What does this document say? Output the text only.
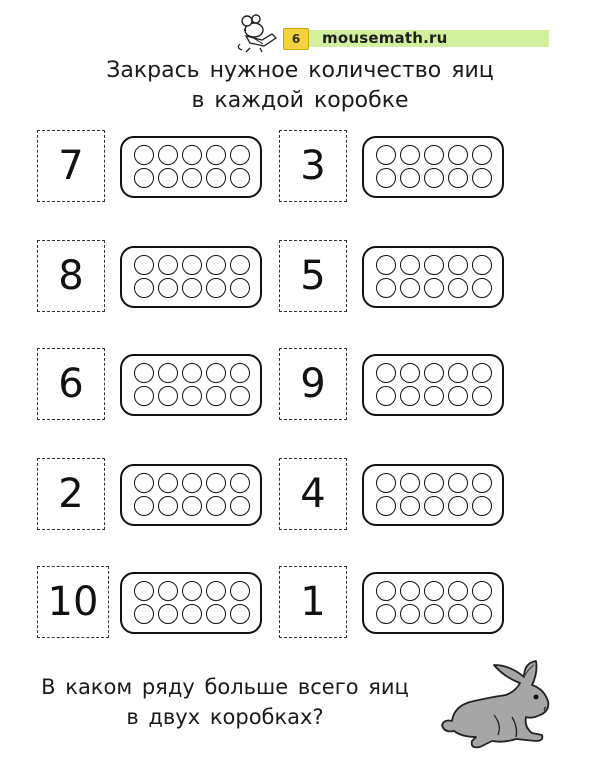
6	mousemath.ru
Закрась нужное количество яиц
в каждой коробке
7	3
8	5
6	9
2	4
10	1
В каком ряду больше всего яиц
в двух коробках?
